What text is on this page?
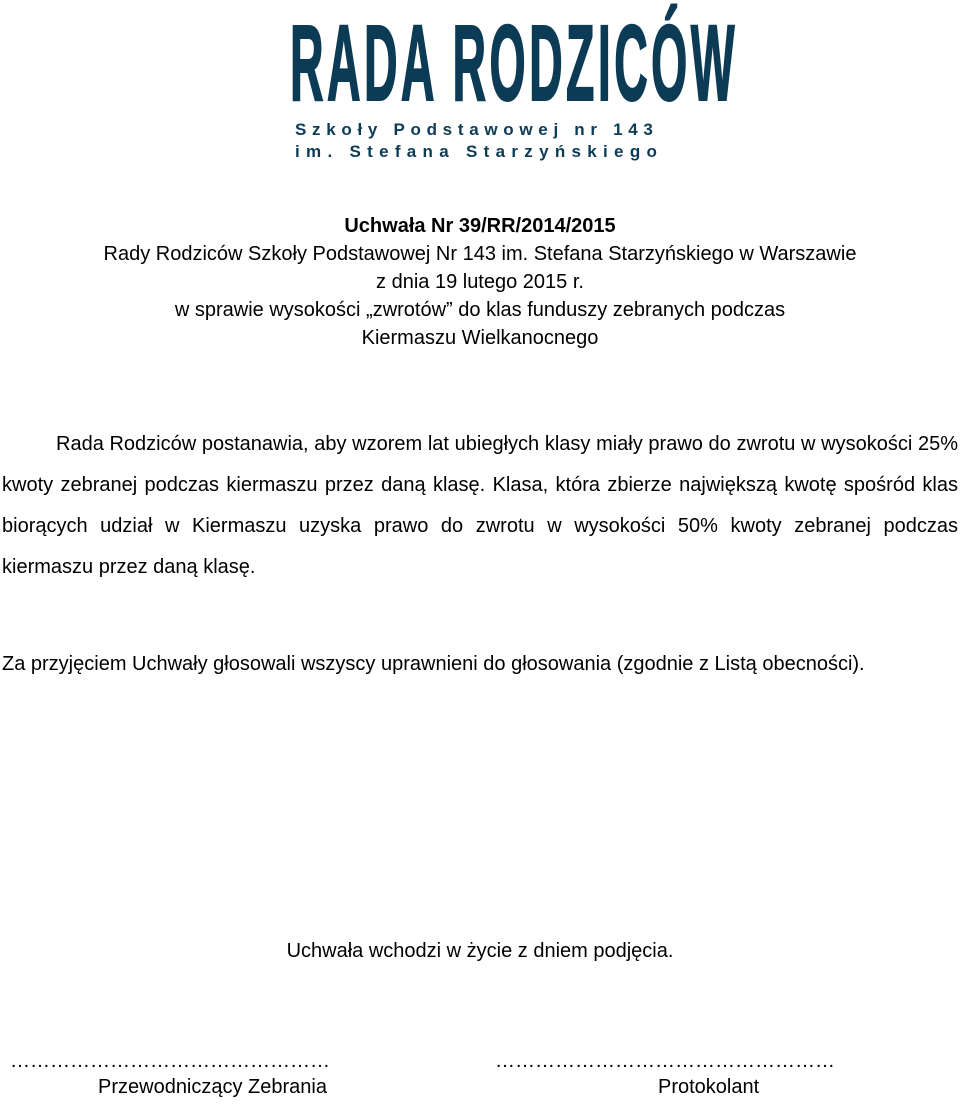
RADA RODZICÓW
Szkoły Podstawowej nr 143
im. Stefana Starzyńskiego
Uchwała Nr 39/RR/2014/2015
Rady Rodziców Szkoły Podstawowej Nr 143 im. Stefana Starzyńskiego w Warszawie
z dnia 19 lutego 2015 r.
w sprawie wysokości „zwrotów” do klas funduszy zebranych podczas
Kiermaszu Wielkanocnego
Rada Rodziców postanawia, aby wzorem lat ubiegłych klasy miały prawo do zwrotu w wysokości 25% kwoty zebranej podczas kiermaszu przez daną klasę. Klasa, która zbierze największą kwotę spośród klas biorących udział w Kiermaszu uzyska prawo do zwrotu w wysokości 50% kwoty zebranej podczas kiermaszu przez daną klasę.
Za przyjęciem Uchwały głosowali wszyscy uprawnieni do głosowania (zgodnie z Listą obecności).
Uchwała wchodzi w życie z dniem podjęcia.
…………………………………………	……………………………………………
Przewodniczący Zebrania	Protokolant
